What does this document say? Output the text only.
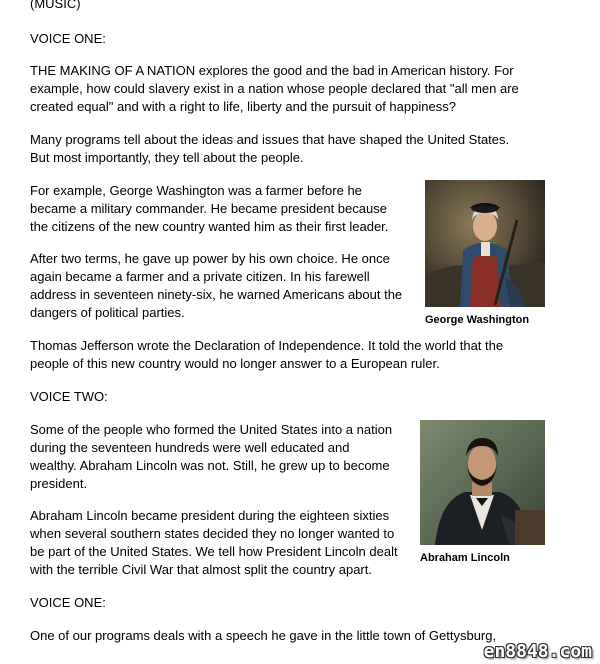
(MUSIC)
VOICE ONE:
THE MAKING OF A NATION explores the good and the bad in American history. For
example, how could slavery exist in a nation whose people declared that "all men are
created equal" and with a right to life, liberty and the pursuit of happiness?
Many programs tell about the ideas and issues that have shaped the United States.
But most importantly, they tell about the people.
For example, George Washington was a farmer before he
became a military commander. He became president because
the citizens of the new country wanted him as their first leader.
After two terms, he gave up power by his own choice. He once
again became a farmer and a private citizen. In his farewell
address in seventeen ninety-six, he warned Americans about the
dangers of political parties.	George Washington
Thomas Jefferson wrote the Declaration of Independence. It told the world that the
people of this new country would no longer answer to a European ruler.
VOICE TWO:
Some of the people who formed the United States into a nation
during the seventeen hundreds were well educated and
wealthy. Abraham Lincoln was not. Still, he grew up to become
president.
Abraham Lincoln
Abraham Lincoln became president during the eighteen sixties
when several southern states decided they no longer wanted to
be part of the United States. We tell how President Lincoln dealt
with the terrible Civil War that almost split the country apart.
VOICE ONE:
One of our programs deals with a speech he gave in the little town of Gettysburg,
en8848.com
